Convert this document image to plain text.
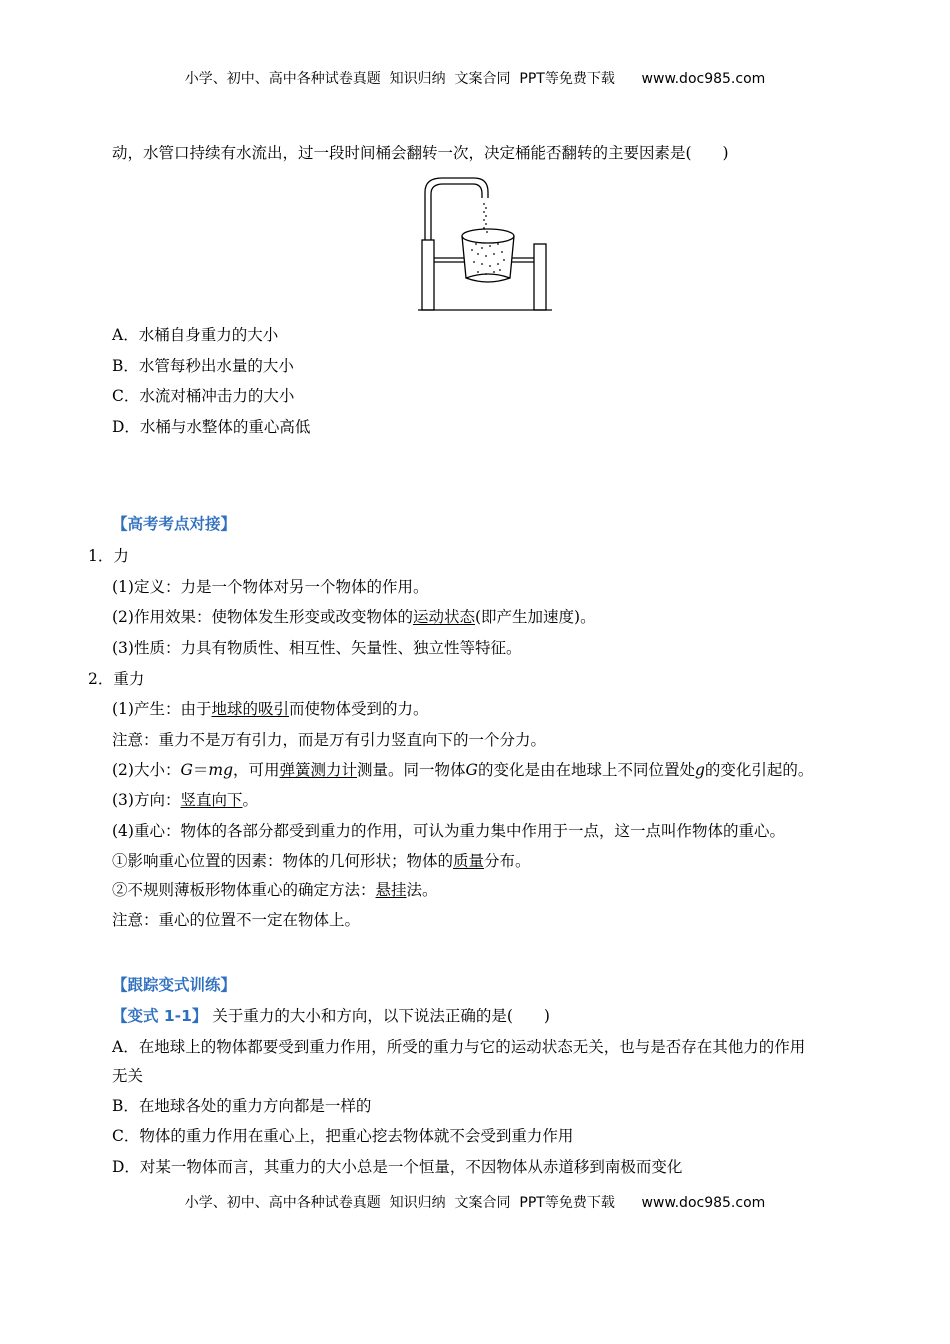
小学、初中、高中各种试卷真题  知识归纳  文案合同  PPT等免费下载      www.doc985.com
动，水管口持续有水流出，过一段时间桶会翻转一次，决定桶能否翻转的主要因素是(　　)
A．水桶自身重力的大小
B．水管每秒出水量的大小
C．水流对桶冲击力的大小
D．水桶与水整体的重心高低
【高考考点对接】
1．力
(1)定义：力是一个物体对另一个物体的作用。
(2)作用效果：使物体发生形变或改变物体的运动状态(即产生加速度)。
(3)性质：力具有物质性、相互性、矢量性、独立性等特征。
2．重力
(1)产生：由于地球的吸引而使物体受到的力。
注意：重力不是万有引力，而是万有引力竖直向下的一个分力。
(2)大小：G＝mg，可用弹簧测力计测量。同一物体G的变化是由在地球上不同位置处g的变化引起的。
(3)方向：竖直向下。
(4)重心：物体的各部分都受到重力的作用，可认为重力集中作用于一点，这一点叫作物体的重心。
①影响重心位置的因素：物体的几何形状；物体的质量分布。
②不规则薄板形物体重心的确定方法：悬挂法。
注意：重心的位置不一定在物体上。
【跟踪变式训练】
【变式 1-1】 关于重力的大小和方向，以下说法正确的是(　　)
A．在地球上的物体都要受到重力作用，所受的重力与它的运动状态无关，也与是否存在其他力的作用
无关
B．在地球各处的重力方向都是一样的
C．物体的重力作用在重心上，把重心挖去物体就不会受到重力作用
D．对某一物体而言，其重力的大小总是一个恒量，不因物体从赤道移到南极而变化
小学、初中、高中各种试卷真题  知识归纳  文案合同  PPT等免费下载      www.doc985.com
